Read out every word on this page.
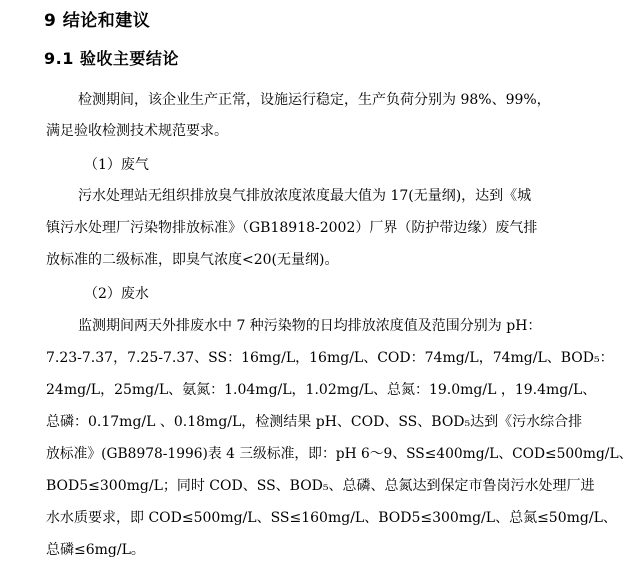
9 结论和建议
9.1 验收主要结论
检测期间，该企业生产正常，设施运行稳定，生产负荷分别为 98%、99%，
满足验收检测技术规范要求。
（1）废气
污水处理站无组织排放臭气排放浓度浓度最大值为 17(无量纲)，达到《城
镇污水处理厂污染物排放标准》（GB18918-2002）厂界（防护带边缘）废气排
放标准的二级标准，即臭气浓度<20(无量纲)。
（2）废水
监测期间两天外排废水中 7 种污染物的日均排放浓度值及范围分别为 pH：
7.23-7.37，7.25-7.37、SS：16mg/L，16mg/L、COD：74mg/L，74mg/L、BOD₅：
24mg/L，25mg/L、氨氮：1.04mg/L，1.02mg/L、总氮：19.0mg/L ，19.4mg/L、
总磷：0.17mg/L 、0.18mg/L，检测结果 pH、COD、SS、BOD₅达到《污水综合排
放标准》(GB8978-1996)表 4 三级标准，即：pH 6～9、SS≤400mg/L、COD≤500mg/L、
BOD5≤300mg/L；同时 COD、SS、BOD₅、总磷、总氮达到保定市鲁岗污水处理厂进
水水质要求，即 COD≤500mg/L、SS≤160mg/L、BOD5≤300mg/L、总氮≤50mg/L、
总磷≤6mg/L。
